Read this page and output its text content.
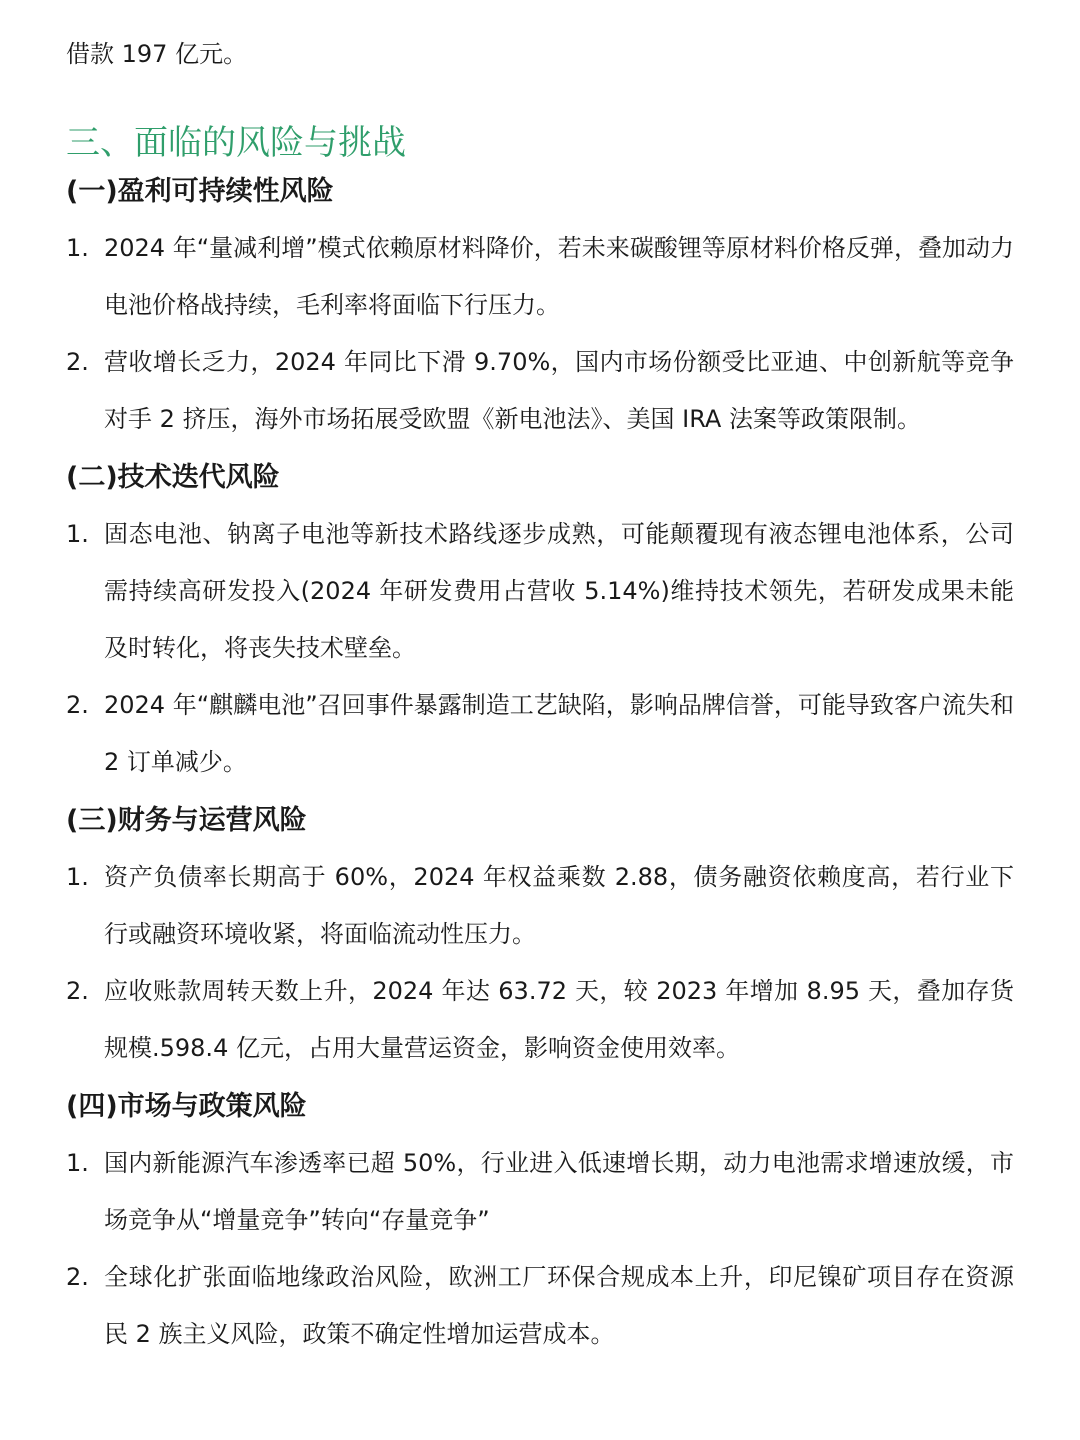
借款 197 亿元。

三、面临的风险与挑战
(一)盈利可持续性风险
1. 2024 年“量减利增”模式依赖原材料降价，若未来碳酸锂等原材料价格反弹，叠加动力电池价格战持续，毛利率将面临下行压力。
2. 营收增长乏力，2024 年同比下滑 9.70%，国内市场份额受比亚迪、中创新航等竞争对手 2 挤压，海外市场拓展受欧盟《新电池法》、美国 IRA 法案等政策限制。
(二)技术迭代风险
1. 固态电池、钠离子电池等新技术路线逐步成熟，可能颠覆现有液态锂电池体系，公司需持续高研发投入(2024 年研发费用占营收 5.14%)维持技术领先，若研发成果未能及时转化，将丧失技术壁垒。
2. 2024 年“麒麟电池”召回事件暴露制造工艺缺陷，影响品牌信誉，可能导致客户流失和 2 订单减少。
(三)财务与运营风险
1. 资产负债率长期高于 60%，2024 年权益乘数 2.88，债务融资依赖度高，若行业下行或融资环境收紧，将面临流动性压力。
2. 应收账款周转天数上升，2024 年达 63.72 天，较 2023 年增加 8.95 天，叠加存货规模.598.4 亿元，占用大量营运资金，影响资金使用效率。
(四)市场与政策风险
1. 国内新能源汽车渗透率已超 50%，行业进入低速增长期，动力电池需求增速放缓，市场竞争从“增量竞争”转向“存量竞争”
2. 全球化扩张面临地缘政治风险，欧洲工厂环保合规成本上升，印尼镍矿项目存在资源民 2 族主义风险，政策不确定性增加运营成本。
